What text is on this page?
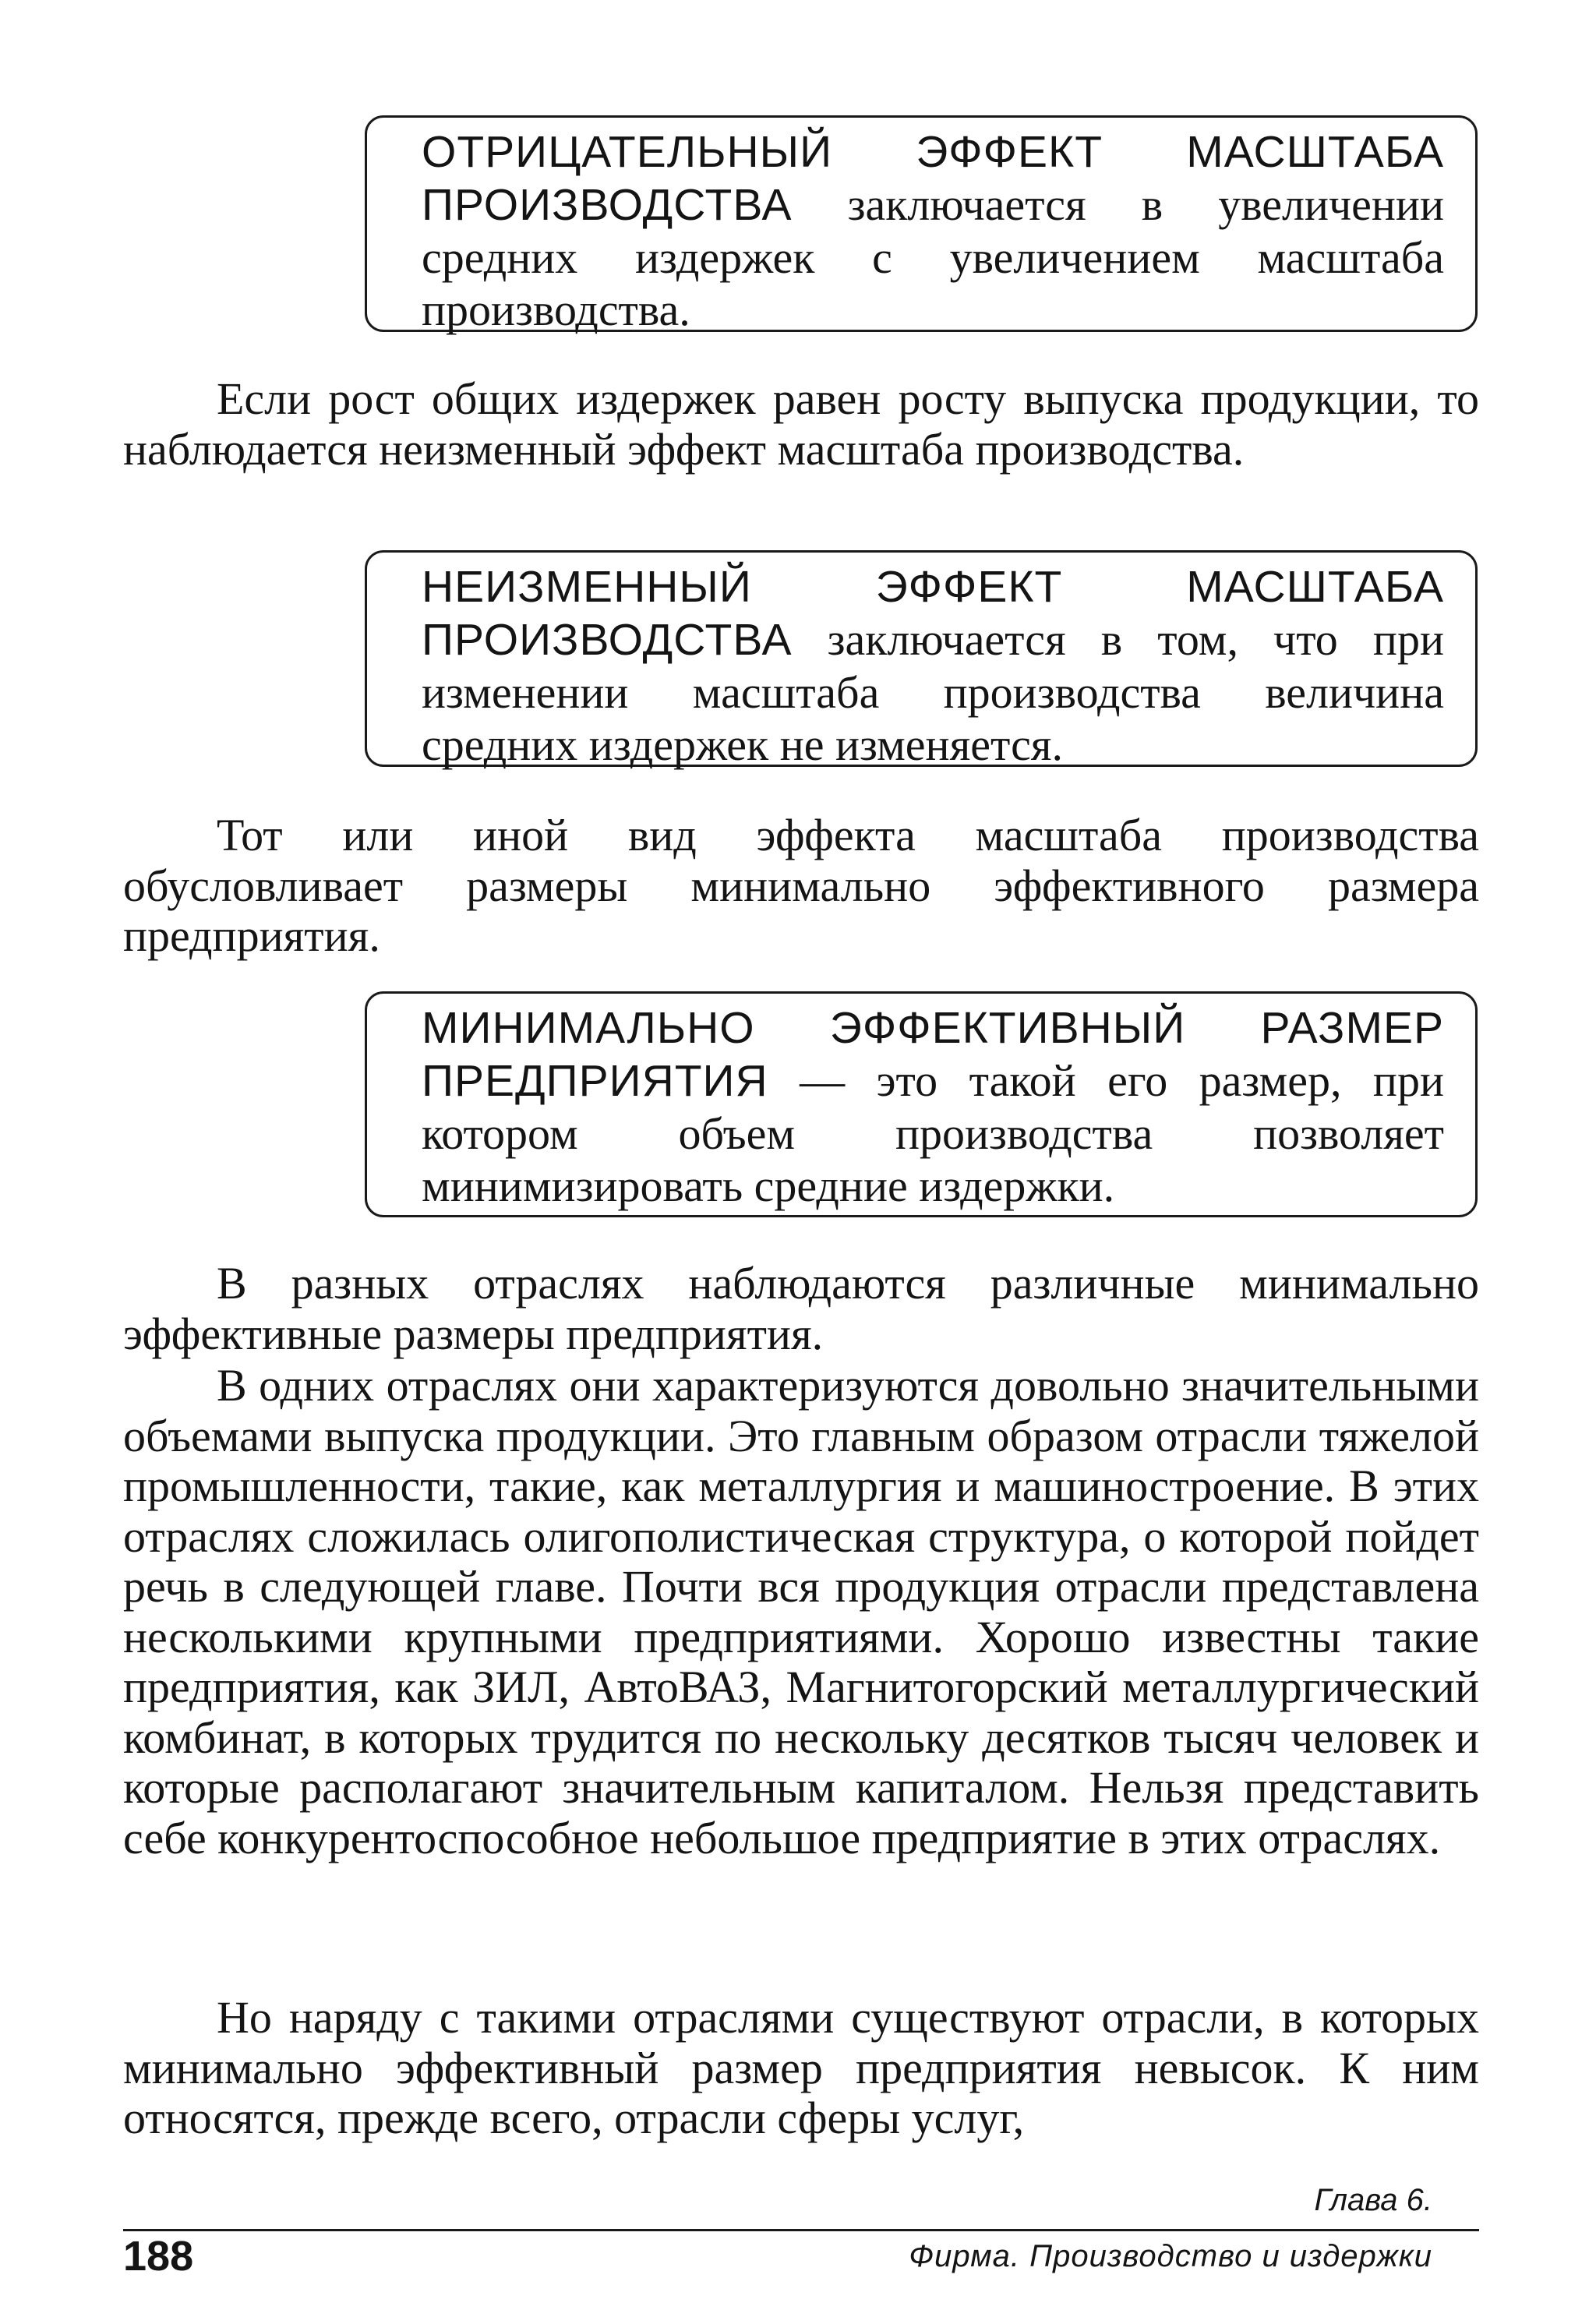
ОТРИЦАТЕЛЬНЫЙ ЭФФЕКТ МАСШТАБА ПРОИЗВОДСТВА заключается в увеличении средних издержек с увеличением масштаба производства.

Если рост общих издержек равен росту выпуска продукции, то наблюдается неизменный эффект масштаба производства.

НЕИЗМЕННЫЙ ЭФФЕКТ МАСШТАБА ПРОИЗВОДСТВА заключается в том, что при изменении масштаба производства величина средних издержек не изменяется.

Тот или иной вид эффекта масштаба производства обусловливает размеры минимально эффективного размера предприятия.

МИНИМАЛЬНО ЭФФЕКТИВНЫЙ РАЗМЕР ПРЕДПРИЯТИЯ — это такой его размер, при котором объем производства позволяет минимизировать средние издержки.

В разных отраслях наблюдаются различные минимально эффективные размеры предприятия.

В одних отраслях они характеризуются довольно значительными объемами выпуска продукции. Это главным образом отрасли тяжелой промышленности, такие, как металлургия и машиностроение. В этих отраслях сложилась олигополистическая структура, о которой пойдет речь в следующей главе. Почти вся продукция отрасли представлена несколькими крупными предприятиями. Хорошо известны такие предприятия, как ЗИЛ, АвтоВАЗ, Магнитогорский металлургический комбинат, в которых трудится по нескольку десятков тысяч человек и которые располагают значительным капиталом. Нельзя представить себе конкурентоспособное небольшое предприятие в этих отраслях.

Но наряду с такими отраслями существуют отрасли, в которых минимально эффективный размер предприятия невысок. К ним относятся, прежде всего, отрасли сферы услуг,

Глава 6.
188	Фирма. Производство и издержки
